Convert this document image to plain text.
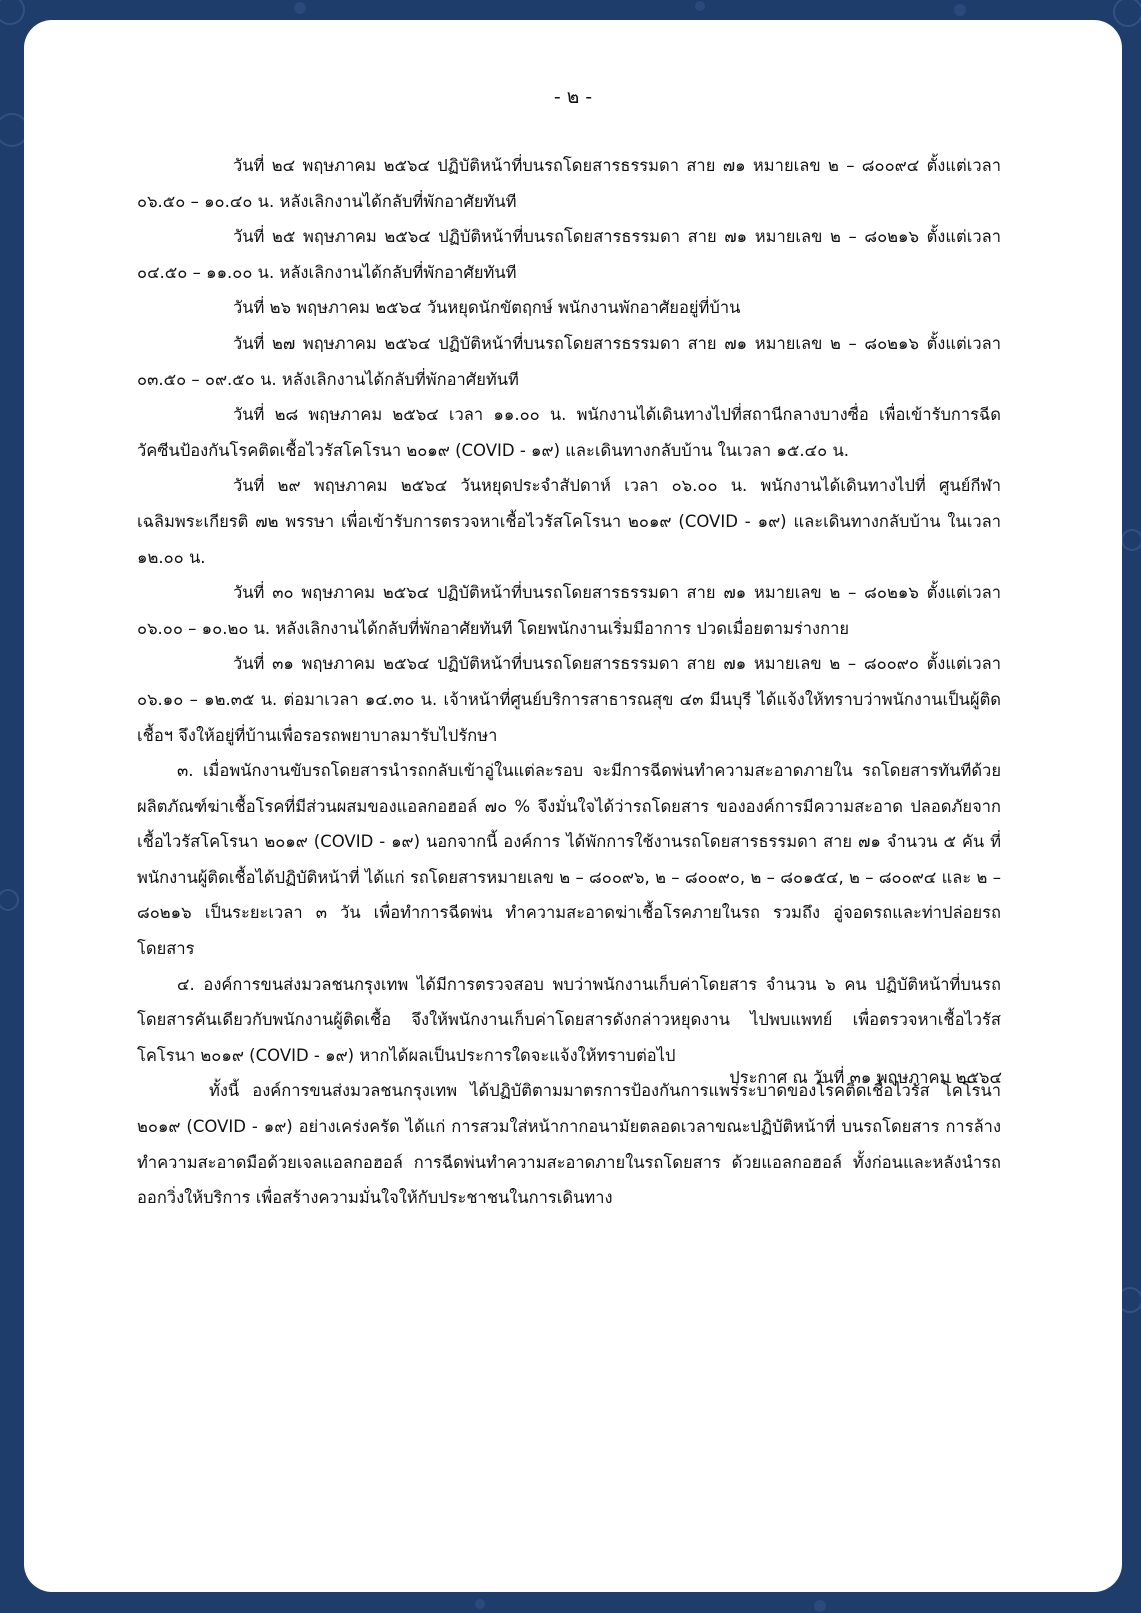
- ๒ -

วันที่ ๒๔ พฤษภาคม ๒๕๖๔ ปฏิบัติหน้าที่บนรถโดยสารธรรมดา สาย ๗๑ หมายเลข ๒ – ๘๐๐๙๔ ตั้งแต่เวลา ๐๖.๕๐ – ๑๐.๔๐ น. หลังเลิกงานได้กลับที่พักอาศัยทันที

วันที่ ๒๕ พฤษภาคม ๒๕๖๔ ปฏิบัติหน้าที่บนรถโดยสารธรรมดา สาย ๗๑ หมายเลข ๒ – ๘๐๒๑๖ ตั้งแต่เวลา ๐๔.๕๐ – ๑๑.๐๐ น. หลังเลิกงานได้กลับที่พักอาศัยทันที

วันที่ ๒๖ พฤษภาคม ๒๕๖๔ วันหยุดนักขัตฤกษ์ พนักงานพักอาศัยอยู่ที่บ้าน

วันที่ ๒๗ พฤษภาคม ๒๕๖๔ ปฏิบัติหน้าที่บนรถโดยสารธรรมดา สาย ๗๑ หมายเลข ๒ – ๘๐๒๑๖ ตั้งแต่เวลา ๐๓.๕๐ – ๐๙.๕๐ น. หลังเลิกงานได้กลับที่พักอาศัยทันที

วันที่ ๒๘ พฤษภาคม ๒๕๖๔ เวลา ๑๑.๐๐ น. พนักงานได้เดินทางไปที่สถานีกลางบางซื่อ เพื่อเข้ารับการฉีดวัคซีนป้องกันโรคติดเชื้อไวรัสโคโรนา ๒๐๑๙ (COVID - ๑๙) และเดินทางกลับบ้าน ในเวลา ๑๕.๔๐ น.

วันที่ ๒๙ พฤษภาคม ๒๕๖๔ วันหยุดประจำสัปดาห์ เวลา ๐๖.๐๐ น. พนักงานได้เดินทางไปที่ ศูนย์กีฬาเฉลิมพระเกียรติ ๗๒ พรรษา เพื่อเข้ารับการตรวจหาเชื้อไวรัสโคโรนา ๒๐๑๙ (COVID - ๑๙) และเดินทางกลับบ้าน ในเวลา ๑๒.๐๐ น.

วันที่ ๓๐ พฤษภาคม ๒๕๖๔ ปฏิบัติหน้าที่บนรถโดยสารธรรมดา สาย ๗๑ หมายเลข ๒ – ๘๐๒๑๖ ตั้งแต่เวลา ๐๖.๐๐ – ๑๐.๒๐ น. หลังเลิกงานได้กลับที่พักอาศัยทันที โดยพนักงานเริ่มมีอาการ ปวดเมื่อยตามร่างกาย

วันที่ ๓๑ พฤษภาคม ๒๕๖๔ ปฏิบัติหน้าที่บนรถโดยสารธรรมดา สาย ๗๑ หมายเลข ๒ – ๘๐๐๙๐ ตั้งแต่เวลา ๐๖.๑๐ – ๑๒.๓๕ น. ต่อมาเวลา ๑๔.๓๐ น. เจ้าหน้าที่ศูนย์บริการสาธารณสุข ๔๓ มีนบุรี ได้แจ้งให้ทราบว่าพนักงานเป็นผู้ติดเชื้อฯ จึงให้อยู่ที่บ้านเพื่อรอรถพยาบาลมารับไปรักษา

๓. เมื่อพนักงานขับรถโดยสารนำรถกลับเข้าอู่ในแต่ละรอบ จะมีการฉีดพ่นทำความสะอาดภายใน รถโดยสารทันทีด้วยผลิตภัณฑ์ฆ่าเชื้อโรคที่มีส่วนผสมของแอลกอฮอล์ ๗๐ % จึงมั่นใจได้ว่ารถโดยสาร ขององค์การมีความสะอาด ปลอดภัยจากเชื้อไวรัสโคโรนา ๒๐๑๙ (COVID - ๑๙) นอกจากนี้ องค์การ ได้พักการใช้งานรถโดยสารธรรมดา สาย ๗๑ จำนวน ๕ คัน ที่พนักงานผู้ติดเชื้อได้ปฏิบัติหน้าที่ ได้แก่ รถโดยสารหมายเลข ๒ – ๘๐๐๙๖, ๒ – ๘๐๐๙๐, ๒ – ๘๐๑๕๔, ๒ – ๘๐๐๙๔ และ ๒ – ๘๐๒๑๖ เป็นระยะเวลา ๓ วัน เพื่อทำการฉีดพ่น ทำความสะอาดฆ่าเชื้อโรคภายในรถ รวมถึง อู่จอดรถและท่าปล่อยรถโดยสาร

๔. องค์การขนส่งมวลชนกรุงเทพ ได้มีการตรวจสอบ พบว่าพนักงานเก็บค่าโดยสาร จำนวน ๖ คน ปฏิบัติหน้าที่บนรถโดยสารคันเดียวกับพนักงานผู้ติดเชื้อ จึงให้พนักงานเก็บค่าโดยสารดังกล่าวหยุดงาน ไปพบแพทย์ เพื่อตรวจหาเชื้อไวรัสโคโรนา ๒๐๑๙ (COVID - ๑๙) หากได้ผลเป็นประการใดจะแจ้งให้ทราบต่อไป

ทั้งนี้ องค์การขนส่งมวลชนกรุงเทพ ได้ปฏิบัติตามมาตรการป้องกันการแพร่ระบาดของโรคติดเชื้อไวรัส โคโรนา ๒๐๑๙ (COVID - ๑๙) อย่างเคร่งครัด ได้แก่ การสวมใส่หน้ากากอนามัยตลอดเวลาขณะปฏิบัติหน้าที่ บนรถโดยสาร การล้างทำความสะอาดมือด้วยเจลแอลกอฮอล์ การฉีดพ่นทำความสะอาดภายในรถโดยสาร ด้วยแอลกอฮอล์ ทั้งก่อนและหลังนำรถออกวิ่งให้บริการ เพื่อสร้างความมั่นใจให้กับประชาชนในการเดินทาง

ประกาศ ณ วันที่ ๓๑ พฤษภาคม ๒๕๖๔
